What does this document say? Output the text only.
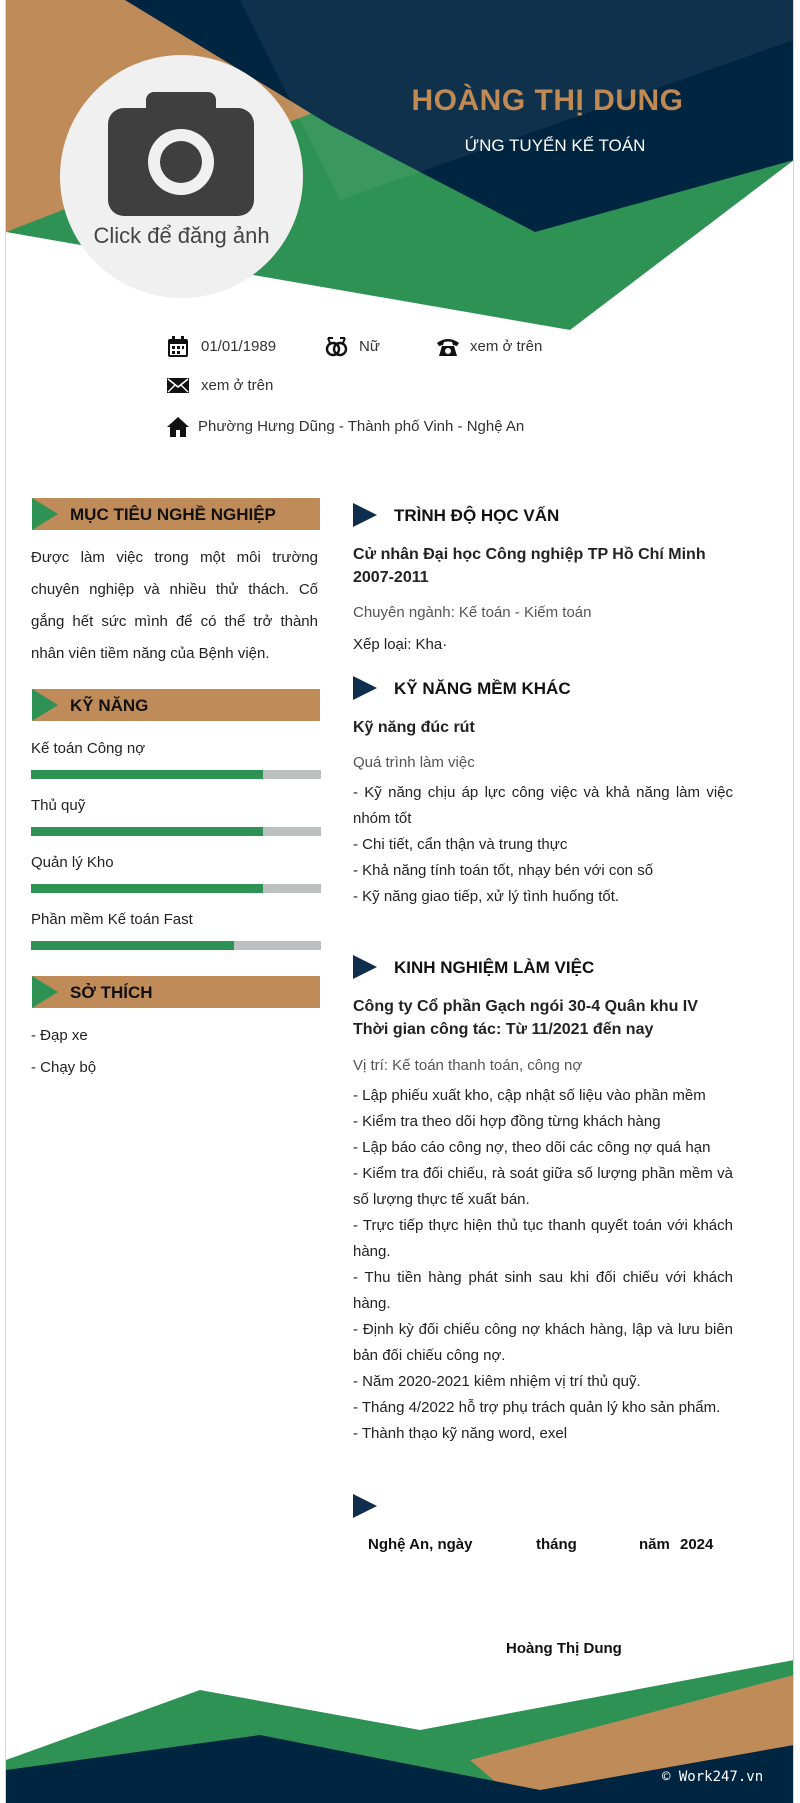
Click để đăng ảnh
HOÀNG THỊ DUNG
ỨNG TUYỂN KẾ TOÁN
01/01/1989	Nữ	xem ở trên
xem ở trên
Phường Hưng Dũng - Thành phố Vinh - Nghệ An
MỤC TIÊU NGHỀ NGHIỆP
Được làm việc trong một môi trường chuyên nghiệp và nhiều thử thách. Cố gắng hết sức mình để có thể trở thành nhân viên tiềm năng của Bệnh viện.
KỸ NĂNG
Kế toán Công nợ
Thủ quỹ
Quản lý Kho
Phần mềm Kế toán Fast
SỞ THÍCH
- Đạp xe
- Chạy bộ
TRÌNH ĐỘ HỌC VẤN
Cử nhân Đại học Công nghiệp TP Hồ Chí Minh
2007-2011
Chuyên ngành: Kế toán - Kiếm toán
Xếp loại: Kha·
KỸ NĂNG MỀM KHÁC
Kỹ năng đúc rút
Quá trình làm việc
- Kỹ năng chịu áp lực công việc và khả năng làm việc nhóm tốt
- Chi tiết, cẩn thận và trung thực
- Khả năng tính toán tốt, nhạy bén với con số
- Kỹ năng giao tiếp, xử lý tình huống tốt.
KINH NGHIỆM LÀM VIỆC
Công ty Cổ phần Gạch ngói 30-4 Quân khu IV
Thời gian công tác: Từ 11/2021 đến nay
Vị trí: Kế toán thanh toán, công nợ
- Lập phiếu xuất kho, cập nhật số liệu vào phần mềm
- Kiểm tra theo dõi hợp đồng từng khách hàng
- Lập báo cáo công nợ, theo dõi các công nợ quá hạn
- Kiểm tra đối chiếu, rà soát giữa số lượng phần mềm và số lượng thực tế xuất bán.
- Trực tiếp thực hiện thủ tục thanh quyết toán với khách hàng.
- Thu tiền hàng phát sinh sau khi đối chiếu với khách hàng.
- Định kỳ đối chiếu công nợ khách hàng, lập và lưu biên bản đối chiếu công nợ.
- Năm 2020-2021 kiêm nhiệm vị trí thủ quỹ.
- Tháng 4/2022 hỗ trợ phụ trách quản lý kho sản phẩm.
- Thành thạo kỹ năng word, exel
Nghệ An, ngày	tháng	năm 2024
Hoàng Thị Dung
© Work247.vn
